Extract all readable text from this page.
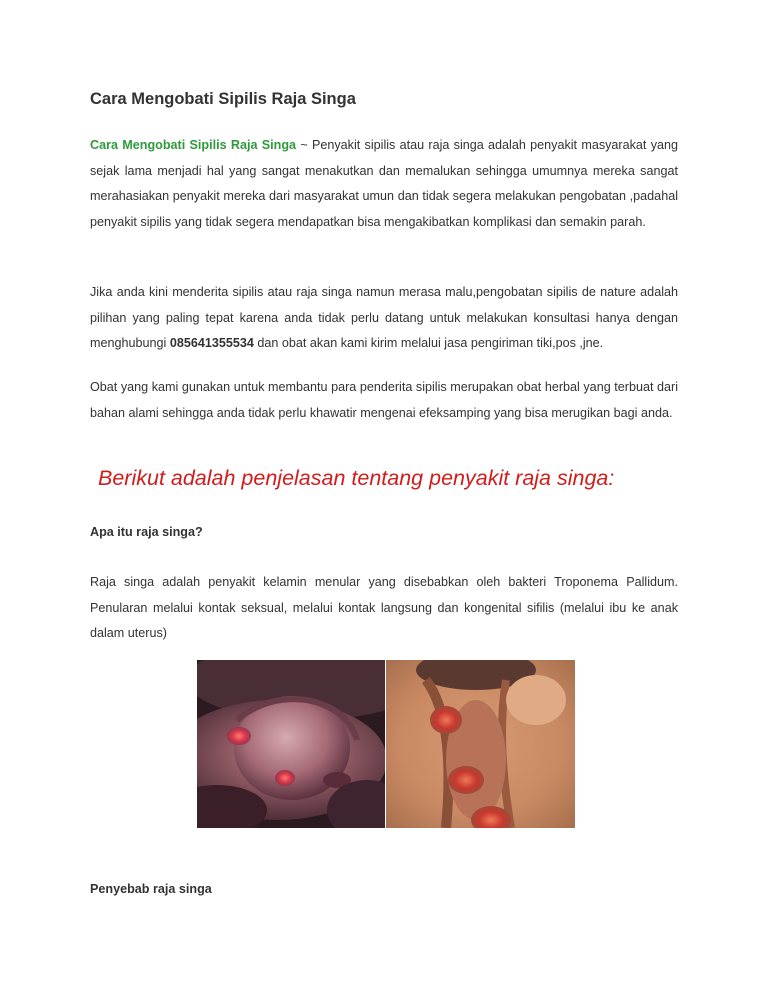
Cara Mengobati Sipilis Raja Singa

Cara Mengobati Sipilis Raja Singa ~ Penyakit sipilis atau raja singa adalah penyakit masyarakat yang sejak lama menjadi hal yang sangat menakutkan dan memalukan sehingga umumnya mereka sangat merahasiakan penyakit mereka dari masyarakat umun dan tidak segera melakukan pengobatan ,padahal penyakit sipilis yang tidak segera mendapatkan bisa mengakibatkan komplikasi dan semakin parah.

Jika anda kini menderita sipilis atau raja singa namun merasa malu,pengobatan sipilis de nature adalah pilihan yang paling tepat karena anda tidak perlu datang untuk melakukan konsultasi hanya dengan menghubungi 085641355534 dan obat akan kami kirim melalui jasa pengiriman tiki,pos ,jne.

Obat yang kami gunakan untuk membantu para penderita sipilis merupakan obat herbal yang terbuat dari bahan alami sehingga anda tidak perlu khawatir mengenai efeksamping yang bisa merugikan bagi anda.

Berikut adalah penjelasan tentang penyakit raja singa:
Apa itu raja singa?

Raja singa adalah penyakit kelamin menular yang disebabkan oleh bakteri Troponema Pallidum. Penularan melalui kontak seksual, melalui kontak langsung dan kongenital sifilis (melalui ibu ke anak dalam uterus)

Penyebab raja singa
